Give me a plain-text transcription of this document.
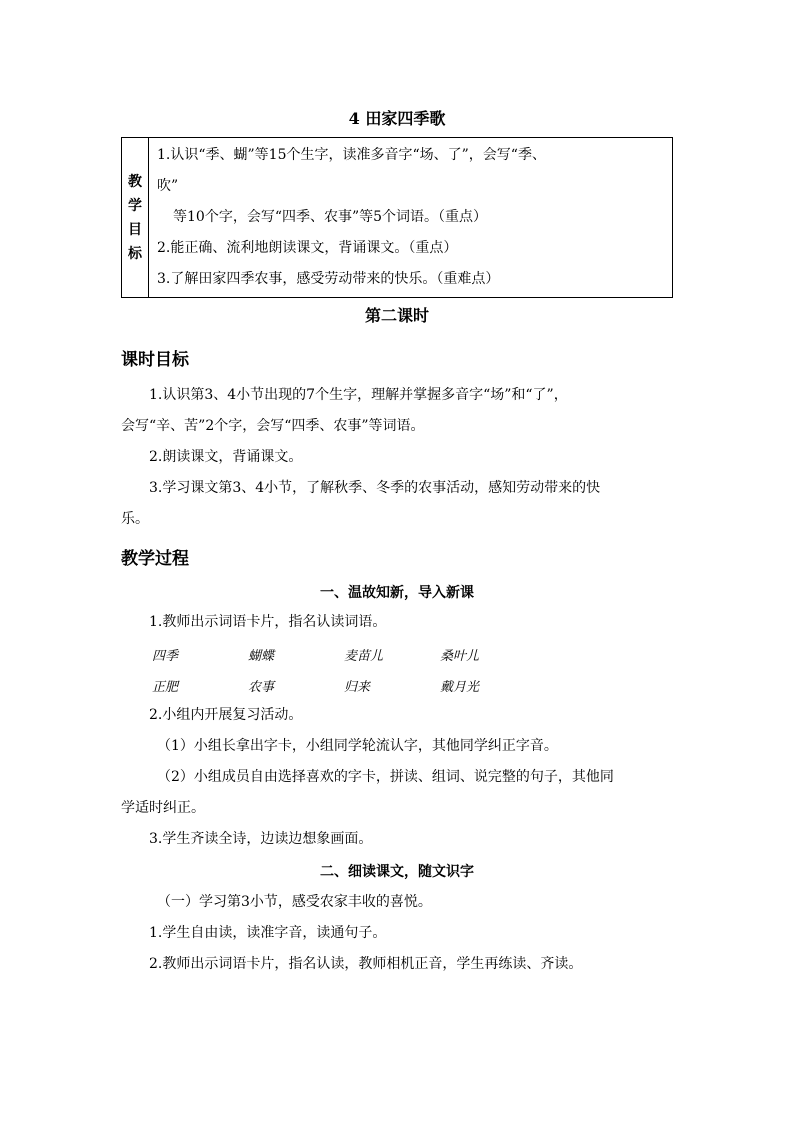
4 田家四季歌
教
学
目
标

1.认识“季、蝴”等15个生字，读准多音字“场、了”，会写“季、
吹”
等10个字，会写“四季、农事”等5个词语。（重点）
2.能正确、流利地朗读课文，背诵课文。（重点）
3.了解田家四季农事，感受劳动带来的快乐。（重难点）
第二课时
课时目标
1.认识第3、4小节出现的7个生字，理解并掌握多音字“场”和“了”，
会写“辛、苦”2个字，会写“四季、农事”等词语。
2.朗读课文，背诵课文。
3.学习课文第3、4小节，了解秋季、冬季的农事活动，感知劳动带来的快
乐。
教学过程
一、温故知新，导入新课
1.教师出示词语卡片，指名认读词语。
四季	蝴蝶	麦苗儿	桑叶儿
正肥	农事	归来	戴月光
2.小组内开展复习活动。
（1）小组长拿出字卡，小组同学轮流认字，其他同学纠正字音。
（2）小组成员自由选择喜欢的字卡，拼读、组词、说完整的句子，其他同
学适时纠正。
3.学生齐读全诗，边读边想象画面。
二、细读课文，随文识字
（一）学习第3小节，感受农家丰收的喜悦。
1.学生自由读，读准字音，读通句子。
2.教师出示词语卡片，指名认读，教师相机正音，学生再练读、齐读。
